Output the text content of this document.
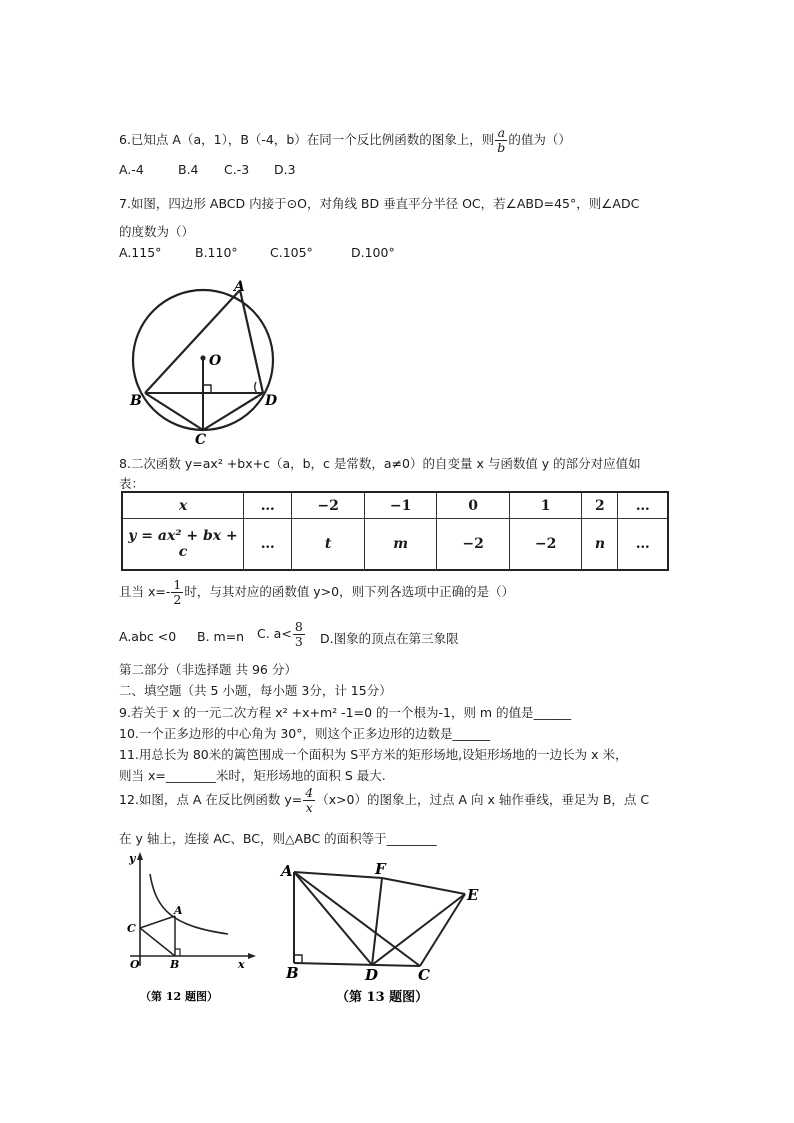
6.已知点 A（a，1），B（-4，b）在同一个反比例函数的图象上，则 $\frac{a}{b}$ 的值为（）
A.-4	B.4 C.-3 D.3
7.如图，四边形 ABCD 内接于⊙O，对角线 BD 垂直平分半径 OC，若∠ABD=45°，则∠ADC
的度数为（）
A.115°	B.110°	C.105°	D.100°
A
O
B	D
C
8.二次函数 y=ax² +bx+c（a，b，c 是常数，a≠0）的自变量 x 与函数值 y 的部分对应值如
表：
x	…	−2	−1	0	1	2	…
y = ax² + bx + c	…	t	m	−2	−2	n	…
且当 $x=- \frac{1}{2}$ 时，与其对应的函数值 y>0，则下列各选项中正确的是（）
A.abc <0 B. m=n C. $a< \frac{8}{3} D$.图象的顶点在第三象限
第二部分（非选择题 共 96 分）
二、填空题（共 5 小题，每小题 3分，计 15分）
9.若关于 x 的一元二次方程 x² +x+m² -1=0 的一个根为-1，则 m 的值是______
10.一个正多边形的中心角为 30°，则这个正多边形的边数是______
11.用总长为 80米的篱笆围成一个面积为 S平方米的矩形场地,设矩形场地的一边长为 x 米，
则当 x=________米时，矩形场地的面积 S 最大.
12.如图，点 A 在反比例函数 $y= \frac{4}{x} (x>0)$的图象上，过点 A 向 x 轴作垂线，垂足为 B，点 C
在 y 轴上，连接 AC、BC，则△ABC 的面积等于________
y
C
A
O	B	x
（第 12 题图）
A	F
E
B	D	C
（第 13 题图）
